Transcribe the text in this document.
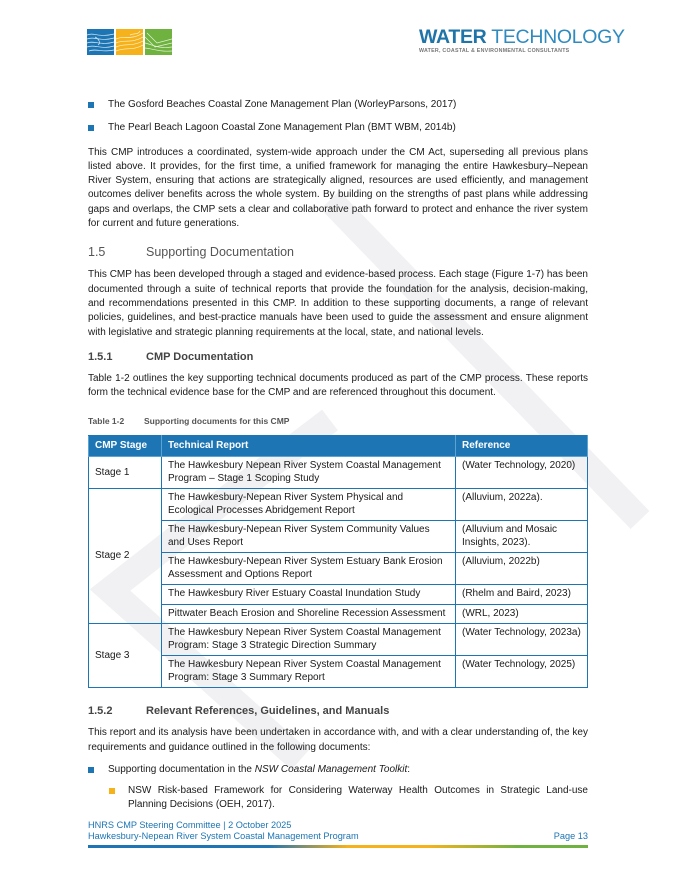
WATER TECHNOLOGY
WATER, COASTAL & ENVIRONMENTAL CONSULTANTS
The Gosford Beaches Coastal Zone Management Plan (WorleyParsons, 2017)
The Pearl Beach Lagoon Coastal Zone Management Plan (BMT WBM, 2014b)

This CMP introduces a coordinated, system-wide approach under the CM Act, superseding all previous plans listed above. It provides, for the first time, a unified framework for managing the entire Hawkesbury–Nepean River System, ensuring that actions are strategically aligned, resources are used efficiently, and management outcomes deliver benefits across the whole system. By building on the strengths of past plans while addressing gaps and overlaps, the CMP sets a clear and collaborative path forward to protect and enhance the river system for current and future generations.

1.5	Supporting Documentation

This CMP has been developed through a staged and evidence-based process. Each stage (Figure 1-7) has been documented through a suite of technical reports that provide the foundation for the analysis, decision-making, and recommendations presented in this CMP. In addition to these supporting documents, a range of relevant policies, guidelines, and best-practice manuals have been used to guide the assessment and ensure alignment with legislative and strategic planning requirements at the local, state, and national levels.

1.5.1	CMP Documentation

Table 1-2 outlines the key supporting technical documents produced as part of the CMP process. These reports form the technical evidence base for the CMP and are referenced throughout this document.

Table 1-2	Supporting documents for this CMP
CMP Stage	Technical Report	Reference
Stage 1	The Hawkesbury Nepean River System Coastal Management Program – Stage 1 Scoping Study	(Water Technology, 2020)
Stage 2	The Hawkesbury-Nepean River System Physical and Ecological Processes Abridgement Report	(Alluvium, 2022a).
	The Hawkesbury-Nepean River System Community Values and Uses Report	(Alluvium and Mosaic Insights, 2023).
	The Hawkesbury-Nepean River System Estuary Bank Erosion Assessment and Options Report	(Alluvium, 2022b)
	The Hawkesbury River Estuary Coastal Inundation Study	(Rhelm and Baird, 2023)
	Pittwater Beach Erosion and Shoreline Recession Assessment	(WRL, 2023)
Stage 3	The Hawkesbury Nepean River System Coastal Management Program: Stage 3 Strategic Direction Summary	(Water Technology, 2023a)
	The Hawkesbury Nepean River System Coastal Management Program: Stage 3 Summary Report	(Water Technology, 2025)
1.5.2	Relevant References, Guidelines, and Manuals

This report and its analysis have been undertaken in accordance with, and with a clear understanding of, the key requirements and guidance outlined in the following documents:

Supporting documentation in the NSW Coastal Management Toolkit:
NSW Risk-based Framework for Considering Waterway Health Outcomes in Strategic Land-use Planning Decisions (OEH, 2017).
HNRS CMP Steering Committee | 2 October 2025
Hawkesbury-Nepean River System Coastal Management Program	Page 13
